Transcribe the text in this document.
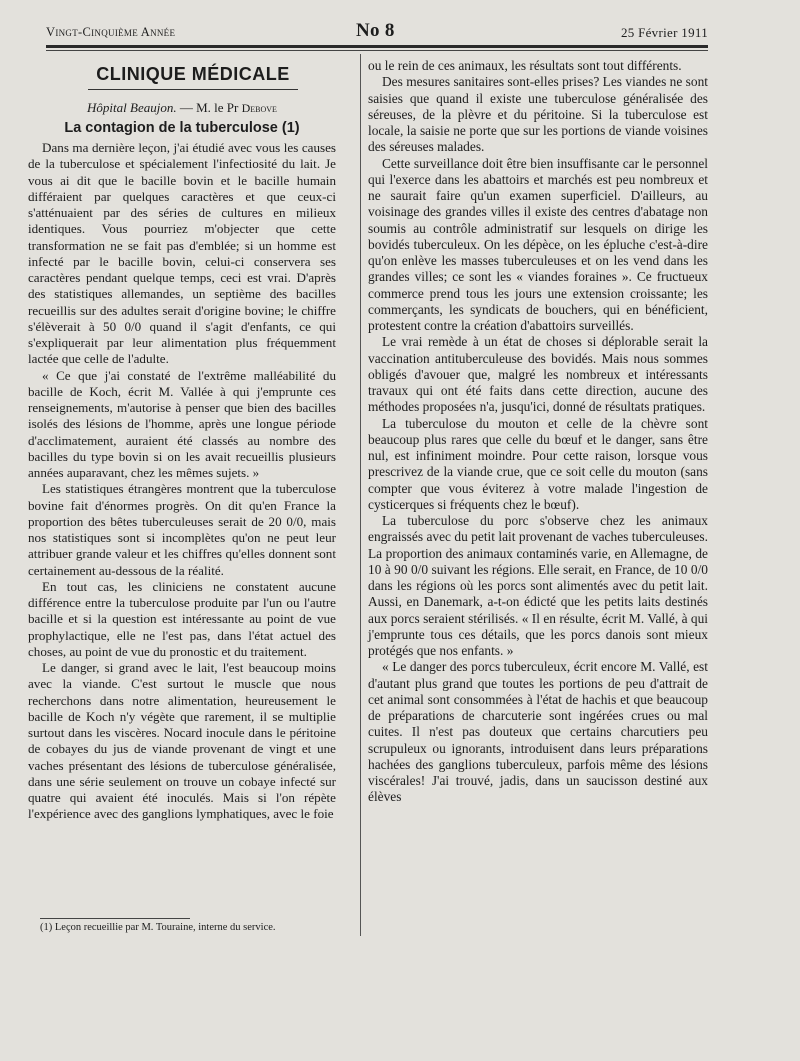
Vingt-Cinquième Année	No 8	25 Février 1911
CLINIQUE MÉDICALE
Hôpital Beaujon. — M. le Pr Debove
La contagion de la tuberculose (1)

Dans ma dernière leçon, j'ai étudié avec vous les causes de la tuberculose et spécialement l'infectiosité du lait. Je vous ai dit que le bacille bovin et le bacille humain différaient par quelques caractères et que ceux-ci s'atténuaient par des séries de cultures en milieux identiques. Vous pourriez m'objecter que cette transformation ne se fait pas d'emblée; si un homme est infecté par le bacille bovin, celui-ci conservera ses caractères pendant quelque temps, ceci est vrai. D'après des statistiques allemandes, un septième des bacilles recueillis sur des adultes serait d'origine bovine; le chiffre s'élèverait à 50 0/0 quand il s'agit d'enfants, ce qui s'expliquerait par leur alimentation plus fréquemment lactée que celle de l'adulte.

« Ce que j'ai constaté de l'extrême malléabilité du bacille de Koch, écrit M. Vallée à qui j'emprunte ces renseignements, m'autorise à penser que bien des bacilles isolés des lésions de l'homme, après une longue période d'acclimatement, auraient été classés au nombre des bacilles du type bovin si on les avait recueillis plusieurs années auparavant, chez les mêmes sujets. »

Les statistiques étrangères montrent que la tuberculose bovine fait d'énormes progrès. On dit qu'en France la proportion des bêtes tuberculeuses serait de 20 0/0, mais nos statistiques sont si incomplètes qu'on ne peut leur attribuer grande valeur et les chiffres qu'elles donnent sont certainement au-dessous de la réalité.

En tout cas, les cliniciens ne constatent aucune différence entre la tuberculose produite par l'un ou l'autre bacille et si la question est intéressante au point de vue prophylactique, elle ne l'est pas, dans l'état actuel des choses, au point de vue du pronostic et du traitement.

Le danger, si grand avec le lait, l'est beaucoup moins avec la viande. C'est surtout le muscle que nous recherchons dans notre alimentation, heureusement le bacille de Koch n'y végète que rarement, il se multiplie surtout dans les viscères. Nocard inocule dans le péritoine de cobayes du jus de viande provenant de vingt et une vaches présentant des lésions de tuberculose généralisée, dans une série seulement on trouve un cobaye infecté sur quatre qui avaient été inoculés. Mais si l'on répète l'expérience avec des ganglions lymphatiques, avec le foie

ou le rein de ces animaux, les résultats sont tout différents.

Des mesures sanitaires sont-elles prises? Les viandes ne sont saisies que quand il existe une tuberculose généralisée des séreuses, de la plèvre et du péritoine. Si la tuberculose est locale, la saisie ne porte que sur les portions de viande voisines des séreuses malades.

Cette surveillance doit être bien insuffisante car le personnel qui l'exerce dans les abattoirs et marchés est peu nombreux et ne saurait faire qu'un examen superficiel. D'ailleurs, au voisinage des grandes villes il existe des centres d'abatage non soumis au contrôle administratif sur lesquels on dirige les bovidés tuberculeux. On les dépèce, on les épluche c'est-à-dire qu'on enlève les masses tuberculeuses et on les vend dans les grandes villes; ce sont les « viandes foraines ». Ce fructueux commerce prend tous les jours une extension croissante; les commerçants, les syndicats de bouchers, qui en bénéficient, protestent contre la création d'abattoirs surveillés.

Le vrai remède à un état de choses si déplorable serait la vaccination antituberculeuse des bovidés. Mais nous sommes obligés d'avouer que, malgré les nombreux et intéressants travaux qui ont été faits dans cette direction, aucune des méthodes proposées n'a, jusqu'ici, donné de résultats pratiques.

La tuberculose du mouton et celle de la chèvre sont beaucoup plus rares que celle du bœuf et le danger, sans être nul, est infiniment moindre. Pour cette raison, lorsque vous prescrivez de la viande crue, que ce soit celle du mouton (sans compter que vous éviterez à votre malade l'ingestion de cysticerques si fréquents chez le bœuf).

La tuberculose du porc s'observe chez les animaux engraissés avec du petit lait provenant de vaches tuberculeuses. La proportion des animaux contaminés varie, en Allemagne, de 10 à 90 0/0 suivant les régions. Elle serait, en France, de 10 0/0 dans les régions où les porcs sont alimentés avec du petit lait. Aussi, en Danemark, a-t-on édicté que les petits laits destinés aux porcs seraient stérilisés. « Il en résulte, écrit M. Vallé, à qui j'emprunte tous ces détails, que les porcs danois sont mieux protégés que nos enfants. »

« Le danger des porcs tuberculeux, écrit encore M. Vallé, est d'autant plus grand que toutes les portions de peu d'attrait de cet animal sont consommées à l'état de hachis et que beaucoup de préparations de charcuterie sont ingérées crues ou mal cuites. Il n'est pas douteux que certains charcutiers peu scrupuleux ou ignorants, introduisent dans leurs préparations hachées des ganglions tuberculeux, parfois même des lésions viscérales! J'ai trouvé, jadis, dans un saucisson destiné aux élèves

(1) Leçon recueillie par M. Touraine, interne du service.
